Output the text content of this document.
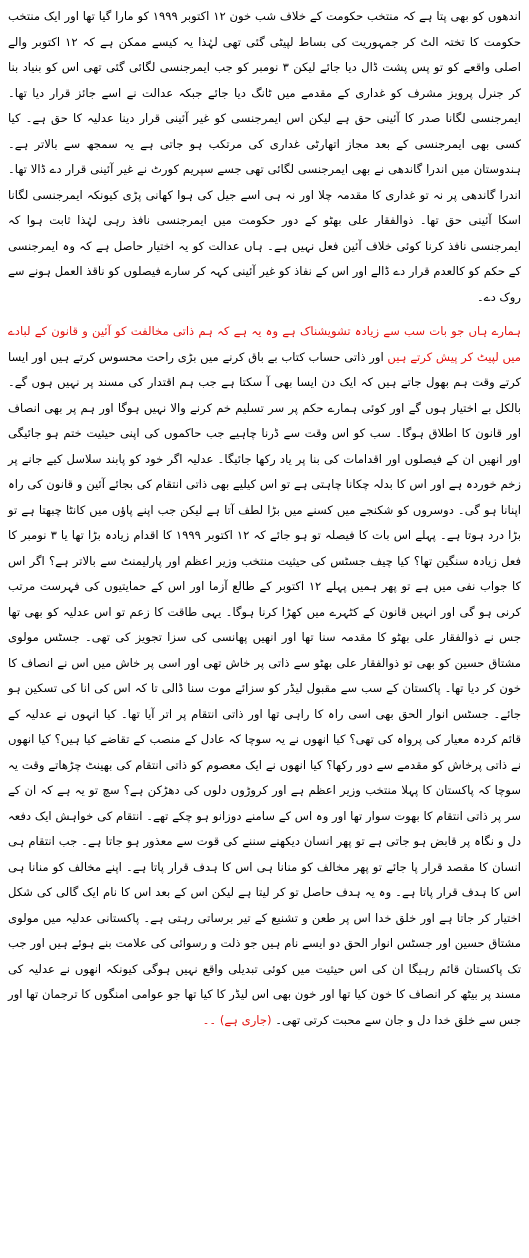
اندھوں کو بھی پتا ہے کہ منتخب حکومت کے خلاف شب خون ۱۲ اکتوبر ۱۹۹۹ کو مارا گیا تھا اور ایک منتخب حکومت کا تختہ الٹ کر جمہوریت کی بساط لپیٹی گئی تھی لہٰذا یہ کیسے ممکن ہے کہ ۱۲ اکتوبر والے اصلی واقعے کو تو پس پشت ڈال دیا جائے لیکن ۳ نومبر کو جب ایمرجنسی لگائی گئی تھی اس کو بنیاد بنا کر جنرل پرویز مشرف کو غداری کے مقدمے میں ٹانگ دیا جائے جبکہ عدالت نے اسے جائز قرار دیا تھا۔ ایمرجنسی لگانا صدر کا آئینی حق ہے لیکن اس ایمرجنسی کو غیر آئینی قرار دینا عدلیہ کا حق ہے۔ کیا کسی بھی ایمرجنسی کے بعد مجاز اتھارٹی غداری کی مرتکب ہو جاتی ہے یہ سمجھ سے بالاتر ہے۔ ہندوستان میں اندرا گاندھی نے بھی ایمرجنسی لگائی تھی جسے سپریم کورٹ نے غیر آئینی قرار دے ڈالا تھا۔ اندرا گاندھی پر نہ تو غداری کا مقدمہ چلا اور نہ ہی اسے جیل کی ہوا کھانی پڑی کیونکہ ایمرجنسی لگانا اسکا آئینی حق تھا۔ ذوالفقار علی بھٹو کے دور حکومت میں ایمرجنسی نافذ رہی لہٰذا ثابت ہوا کہ ایمرجنسی نافذ کرنا کوئی خلاف آئین فعل نہیں ہے۔ ہاں عدالت کو یہ اختیار حاصل ہے کہ وہ ایمرجنسی کے حکم کو کالعدم قرار دے ڈالے اور اس کے نفاذ کو غیر آئینی کہہ کر سارے فیصلوں کو ناقذ العمل ہونے سے روک دے۔

ہمارے ہاں جو بات سب سے زیادہ تشویشناک ہے وہ یہ ہے کہ ہم ذاتی مخالفت کو آئین و قانون کے لبادے میں لپیٹ کر پیش کرتے ہیں اور ذاتی حساب کتاب بے باق کرنے میں بڑی راحت محسوس کرتے ہیں اور ایسا کرتے وقت ہم بھول جاتے ہیں کہ ایک دن ایسا بھی آ سکتا ہے جب ہم اقتدار کی مسند پر نہیں ہوں گے۔ بالکل بے اختیار ہوں گے اور کوئی ہمارے حکم پر سر تسلیم خم کرنے والا نہیں ہوگا اور ہم پر بھی انصاف اور قانون کا اطلاق ہوگا۔ سب کو اس وقت سے ڈرنا چاہیے جب حاکموں کی اپنی حیثیت ختم ہو جائیگی اور انھیں ان کے فیصلوں اور اقدامات کی بنا پر یاد رکھا جائیگا۔ عدلیہ اگر خود کو پابند سلاسل کیے جانے پر زخم خوردہ ہے اور اس کا بدلہ چکانا چاہتی ہے تو اس کیلیے بھی ذاتی انتقام کی بجائے آئین و قانون کی راہ اپنانا ہو گی۔ دوسروں کو شکنجے میں کسنے میں بڑا لطف آتا ہے لیکن جب اپنے پاؤں میں کانٹا چبھتا ہے تو بڑا درد ہوتا ہے۔ پہلے اس بات کا فیصلہ تو ہو جائے کہ ۱۲ اکتوبر ۱۹۹۹ کا اقدام زیادہ بڑا تھا یا ۳ نومبر کا فعل زیادہ سنگین تھا؟ کیا چیف جسٹس کی حیثیت منتخب وزیر اعظم اور پارلیمنٹ سے بالاتر ہے؟ اگر اس کا جواب نفی میں ہے تو پھر ہمیں پہلے ۱۲ اکتوبر کے طالع آزما اور اس کے حمایتیوں کی فہرست مرتب کرنی ہو گی اور انہیں قانون کے کٹہرے میں کھڑا کرنا ہوگا۔ یہی طاقت کا زعم تو اس عدلیہ کو بھی تھا جس نے ذوالفقار علی بھٹو کا مقدمہ سنا تھا اور انھیں پھانسی کی سزا تجویز کی تھی۔ جسٹس مولوی مشتاق حسین کو بھی تو ذوالفقار علی بھٹو سے ذاتی پر خاش تھی اور اسی پر خاش میں اس نے انصاف کا خون کر دیا تھا۔ پاکستان کے سب سے مقبول لیڈر کو سزائے موت سنا ڈالی تا کہ اس کی انا کی تسکین ہو جائے۔ جسٹس انوار الحق بھی اسی راہ کا راہی تھا اور ذاتی انتقام پر اتر آیا تھا۔ کیا انہوں نے عدلیہ کے قائم کردہ معیار کی پرواہ کی تھی؟ کیا انھوں نے یہ سوچا کہ عادل کے منصب کے تقاضے کیا ہیں؟ کیا انھوں نے ذاتی پرخاش کو مقدمے سے دور رکھا؟ کیا انھوں نے ایک معصوم کو ذاتی انتقام کی بھینٹ چڑھاتے وقت یہ سوچا کہ پاکستان کا پہلا منتخب وزیر اعظم ہے اور کروڑوں دلوں کی دھڑکن ہے؟ سچ تو یہ ہے کہ ان کے سر پر ذاتی انتقام کا بھوت سوار تھا اور وہ اس کے سامنے دوزانو ہو چکے تھے۔ انتقام کی خواہش ایک دفعہ دل و نگاہ پر قابض ہو جاتی ہے تو پھر انسان دیکھنے سننے کی قوت سے معذور ہو جاتا ہے۔ جب انتقام ہی انسان کا مقصد قرار پا جائے تو پھر مخالف کو منانا ہی اس کا ہدف قرار پاتا ہے۔ اپنے مخالف کو منانا ہی اس کا ہدف قرار پاتا ہے۔ وہ یہ ہدف حاصل تو کر لیتا ہے لیکن اس کے بعد اس کا نام ایک گالی کی شکل اختیار کر جاتا ہے اور خلق خدا اس پر طعن و تشنیع کے تیر برساتی رہتی ہے۔ پاکستانی عدلیہ میں مولوی مشتاق حسین اور جسٹس انوار الحق دو ایسے نام ہیں جو ذلت و رسوائی کی علامت بنے ہوئے ہیں اور جب تک پاکستان قائم رہیگا ان کی اس حیثیت میں کوئی تبدیلی واقع نہیں ہوگی کیونکہ انھوں نے عدلیہ کی مسند پر بیٹھ کر انصاف کا خون کیا تھا اور خون بھی اس لیڈر کا کیا تھا جو عوامی امنگوں کا ترجمان تھا اور جس سے خلق خدا دل و جان سے محبت کرتی تھی۔ (جاری ہے) ۔۔
